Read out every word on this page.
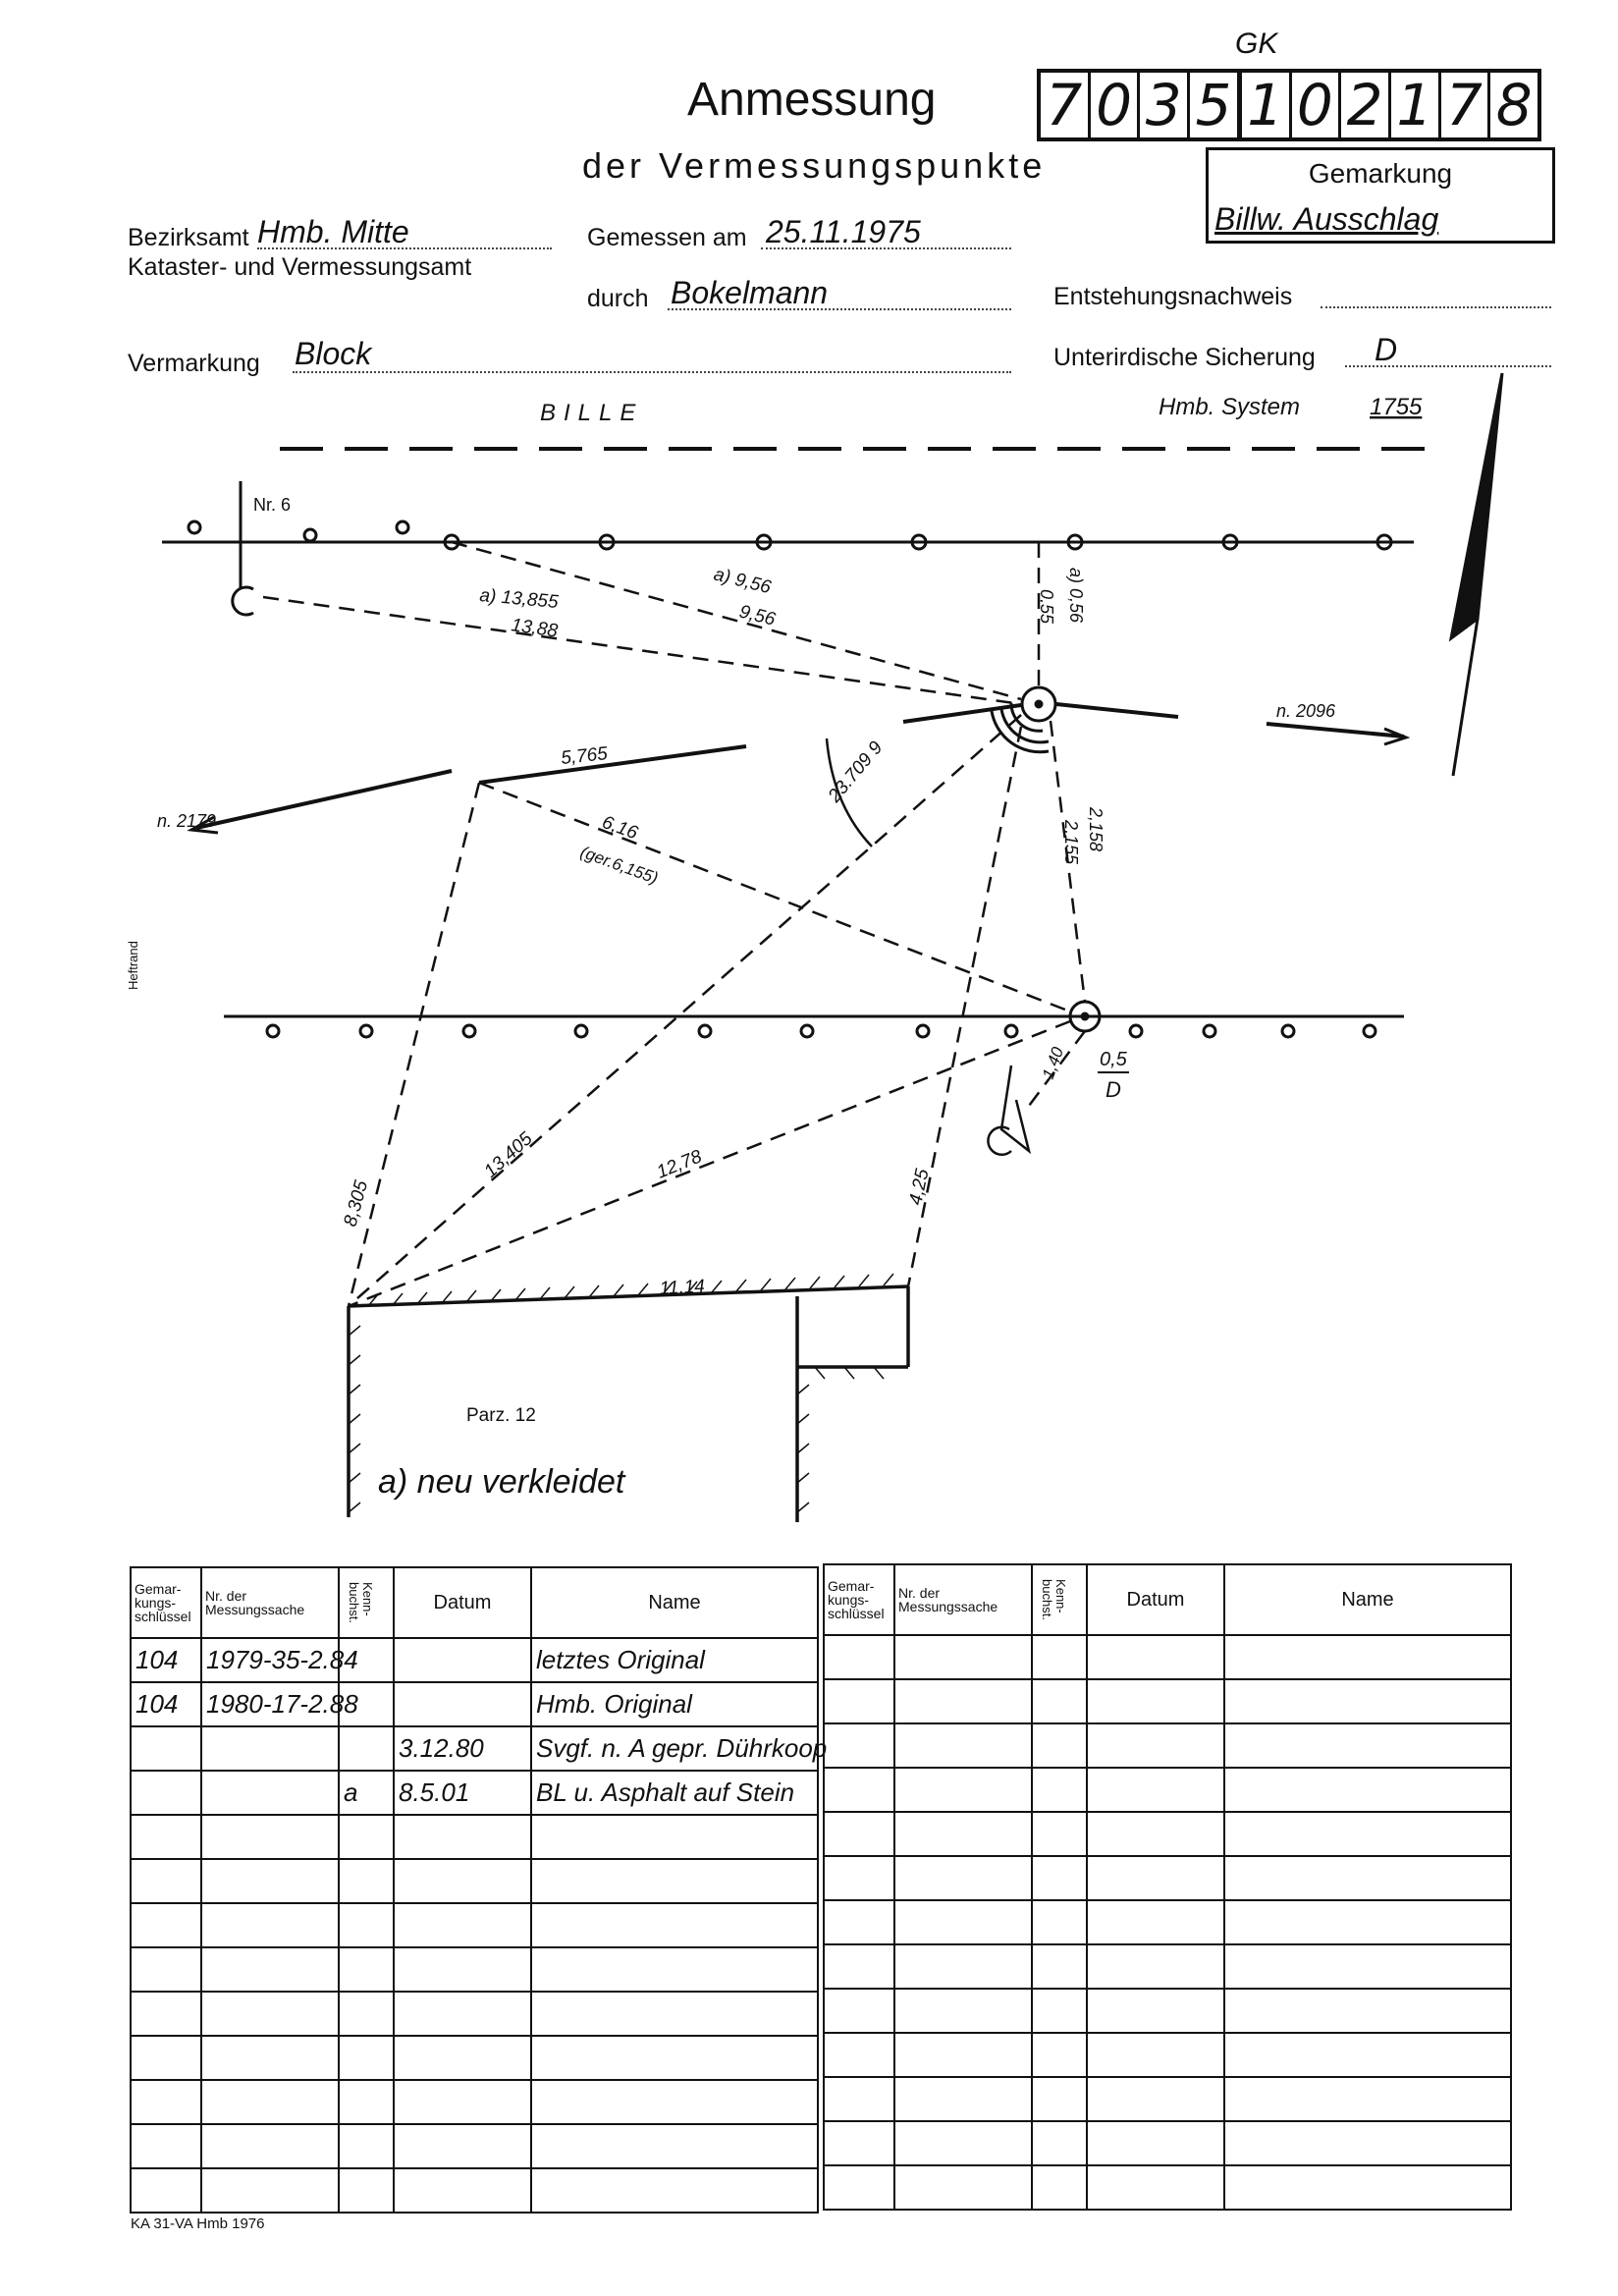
Anmessung
der Vermessungspunkte
GK
7 0 3 5 1 0 2 1 7 8
Gemarkung
Billw. Ausschlag
Bezirksamt Hmb. Mitte
Kataster- und Vermessungsamt
Gemessen am 25.11.1975
durch Bokelmann	Entstehungsnachweis
Vermarkung Block	Unterirdische Sicherung D
BILLE	Hmb. System	1755
Nr. 6
Heftrand
Parz. 12
a) neu verkleidet
n. 2179
n. 2096
a) 13,855
13,88
a) 9,56
9,56	0,55 a) 0,56
5,765	23.709 9
6,16
(ger.6,155)
2,158
2,155
8,305
13,405	12,78
4,25
11,14
1,40 0,5
D
Gemar-
kungs-
schlüssel	Nr. der
Messungssache	Kenn-
buchst.	Datum	Name
104	1979-35-2.84			letztes Original
104	1980-17-2.88			Hmb. Original
			3.12.80	Svgf. n. A gepr. Dührkoop
		a	8.5.01	BL u. Asphalt auf Stein

Gemar-
kungs-
schlüssel	Nr. der
Messungssache	Kenn-
buchst.	Datum	Name

KA 31-VA Hmb 1976
